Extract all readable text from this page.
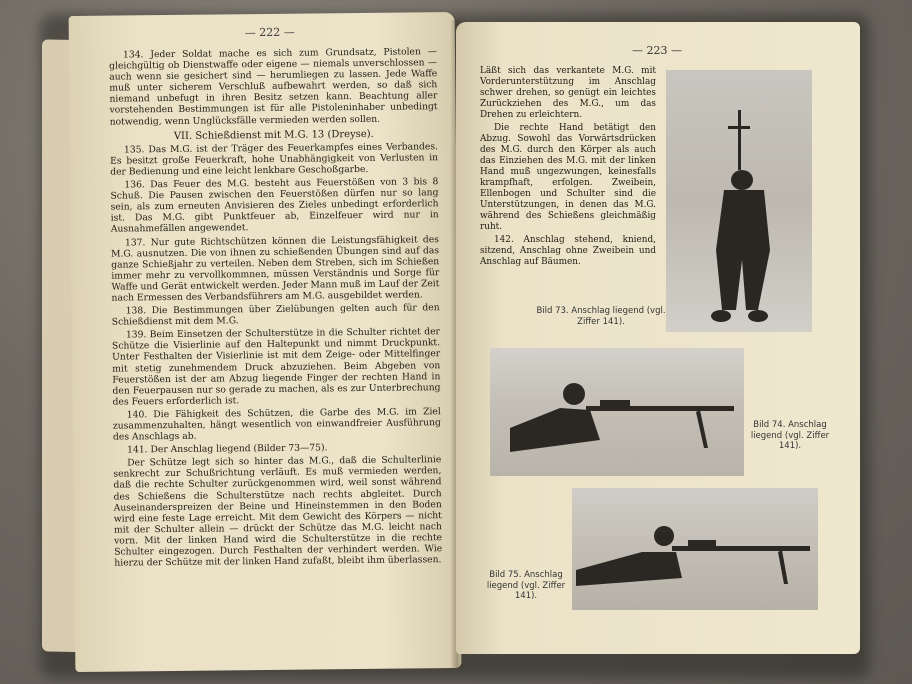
— 222 —

134. Jeder Soldat mache es sich zum Grundsatz, Pistolen — gleichgültig ob Dienstwaffe oder eigene — niemals unverschlossen — auch wenn sie gesichert sind — herumliegen zu lassen. Jede Waffe muß unter sicherem Verschluß aufbewahrt werden, so daß sich niemand unbefugt in ihren Besitz setzen kann. Beachtung aller vorstehenden Bestimmungen ist für alle Pistoleninhaber unbedingt notwendig, wenn Unglücksfälle vermieden werden sollen.

VII. Schießdienst mit M.G. 13 (Dreyse).

135. Das M.G. ist der Träger des Feuerkampfes eines Verbandes. Es besitzt große Feuerkraft, hohe Unabhängigkeit von Verlusten in der Bedienung und eine leicht lenkbare Geschoßgarbe.

136. Das Feuer des M.G. besteht aus Feuerstößen von 3 bis 8 Schuß. Die Pausen zwischen den Feuerstößen dürfen nur so lang sein, als zum erneuten Anvisieren des Zieles unbedingt erforderlich ist. Das M.G. gibt Punktfeuer ab, Einzelfeuer wird nur in Ausnahmefällen angewendet.

137. Nur gute Richtschützen können die Leistungsfähigkeit des M.G. ausnutzen. Die von ihnen zu schießenden Übungen sind auf das ganze Schießjahr zu verteilen. Neben dem Streben, sich im Schießen immer mehr zu vervollkommnen, müssen Verständnis und Sorge für Waffe und Gerät entwickelt werden. Jeder Mann muß im Lauf der Zeit nach Ermessen des Verbandsführers am M.G. ausgebildet werden.

138. Die Bestimmungen über Zielübungen gelten auch für den Schießdienst mit dem M.G.

139. Beim Einsetzen der Schulterstütze in die Schulter richtet der Schütze die Visierlinie auf den Haltepunkt und nimmt Druckpunkt. Unter Festhalten der Visierlinie ist mit dem Zeige- oder Mittelfinger mit stetig zunehmendem Druck abzuziehen. Beim Abgeben von Feuerstößen ist der am Abzug liegende Finger der rechten Hand in den Feuerpausen nur so gerade zu machen, als es zur Unterbrechung des Feuers erforderlich ist.

140. Die Fähigkeit des Schützen, die Garbe des M.G. im Ziel zusammenzuhalten, hängt wesentlich von einwandfreier Ausführung des Anschlags ab.

141. Der Anschlag liegend (Bilder 73—75).

Der Schütze legt sich so hinter das M.G., daß die Schulterlinie senkrecht zur Schußrichtung verläuft. Es muß vermieden werden, daß die rechte Schulter zurückgenommen wird, weil sonst während des Schießens die Schulterstütze nach rechts abgleitet. Durch Auseinanderspreizen der Beine und Hineinstemmen in den Boden wird eine feste Lage erreicht. Mit dem Gewicht des Körpers — nicht mit der Schulter allein — drückt der Schütze das M.G. leicht nach vorn. Mit der linken Hand wird die Schulterstütze in die rechte Schulter eingezogen. Durch Festhalten der verhindert werden. Wie hierzu der Schütze mit der linken Hand zufaßt, bleibt ihm überlassen.

— 223 —

Läßt sich das verkantete M.G. mit Vorderunterstützung im Anschlag schwer drehen, so genügt ein leichtes Zurückziehen des M.G., um das Drehen zu erleichtern.

Die rechte Hand betätigt den Abzug. Sowohl das Vorwärtsdrücken des M.G. durch den Körper als auch das Einziehen des M.G. mit der linken Hand muß ungezwungen, keinesfalls krampfhaft, erfolgen. Zweibein, Ellenbogen und Schulter sind die Unterstützungen, in denen das M.G. während des Schießens gleichmäßig ruht.

142. Anschlag stehend, kniend, sitzend, Anschlag ohne Zweibein und Anschlag auf Bäumen.

Bild 73. Anschlag liegend (vgl. Ziffer 141).
Bild 74. Anschlag liegend (vgl. Ziffer 141).
Bild 75. Anschlag liegend (vgl. Ziffer 141).
